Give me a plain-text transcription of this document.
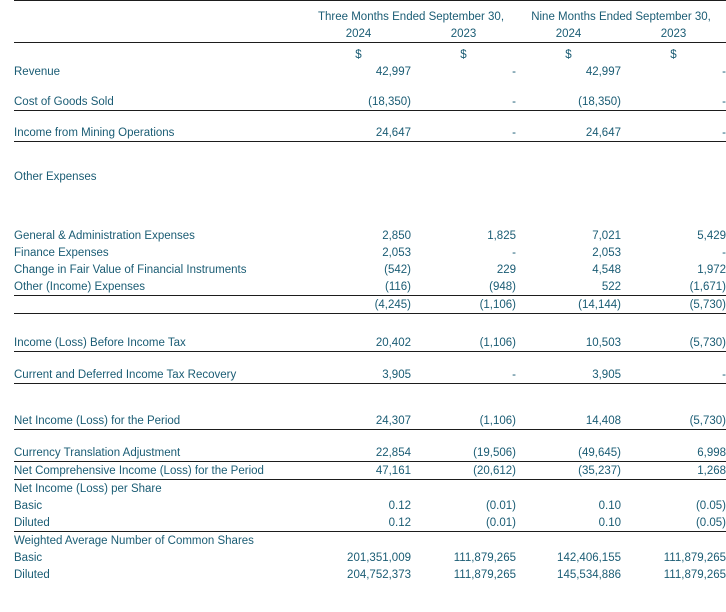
	Three Months Ended September 30,		Nine Months Ended September 30,	
	2024	2023	2024	2023
	$	$	$	$
Revenue	42,997	-	42,997	-

Cost of Goods Sold	(18,350)	-	(18,350)	-

Income from Mining Operations	24,647	-	24,647	-

Other Expenses				

General & Administration Expenses	2,850	1,825	7,021	5,429
Finance Expenses	2,053	-	2,053	-
Change in Fair Value of Financial Instruments	(542)	229	4,548	1,972
Other (Income) Expenses	(116)	(948)	522	(1,671)
	(4,245)	(1,106)	(14,144)	(5,730)

Income (Loss) Before Income Tax	20,402	(1,106)	10,503	(5,730)

Current and Deferred Income Tax Recovery	3,905	-	3,905	-

Net Income (Loss) for the Period	24,307	(1,106)	14,408	(5,730)

Currency Translation Adjustment	22,854	(19,506)	(49,645)	6,998
Net Comprehensive Income (Loss) for the Period	47,161	(20,612)	(35,237)	1,268
Net Income (Loss) per Share				
Basic	0.12	(0.01)	0.10	(0.05)
Diluted	0.12	(0.01)	0.10	(0.05)
Weighted Average Number of Common Shares				
Basic	201,351,009	111,879,265	142,406,155	111,879,265
Diluted	204,752,373	111,879,265	145,534,886	111,879,265
